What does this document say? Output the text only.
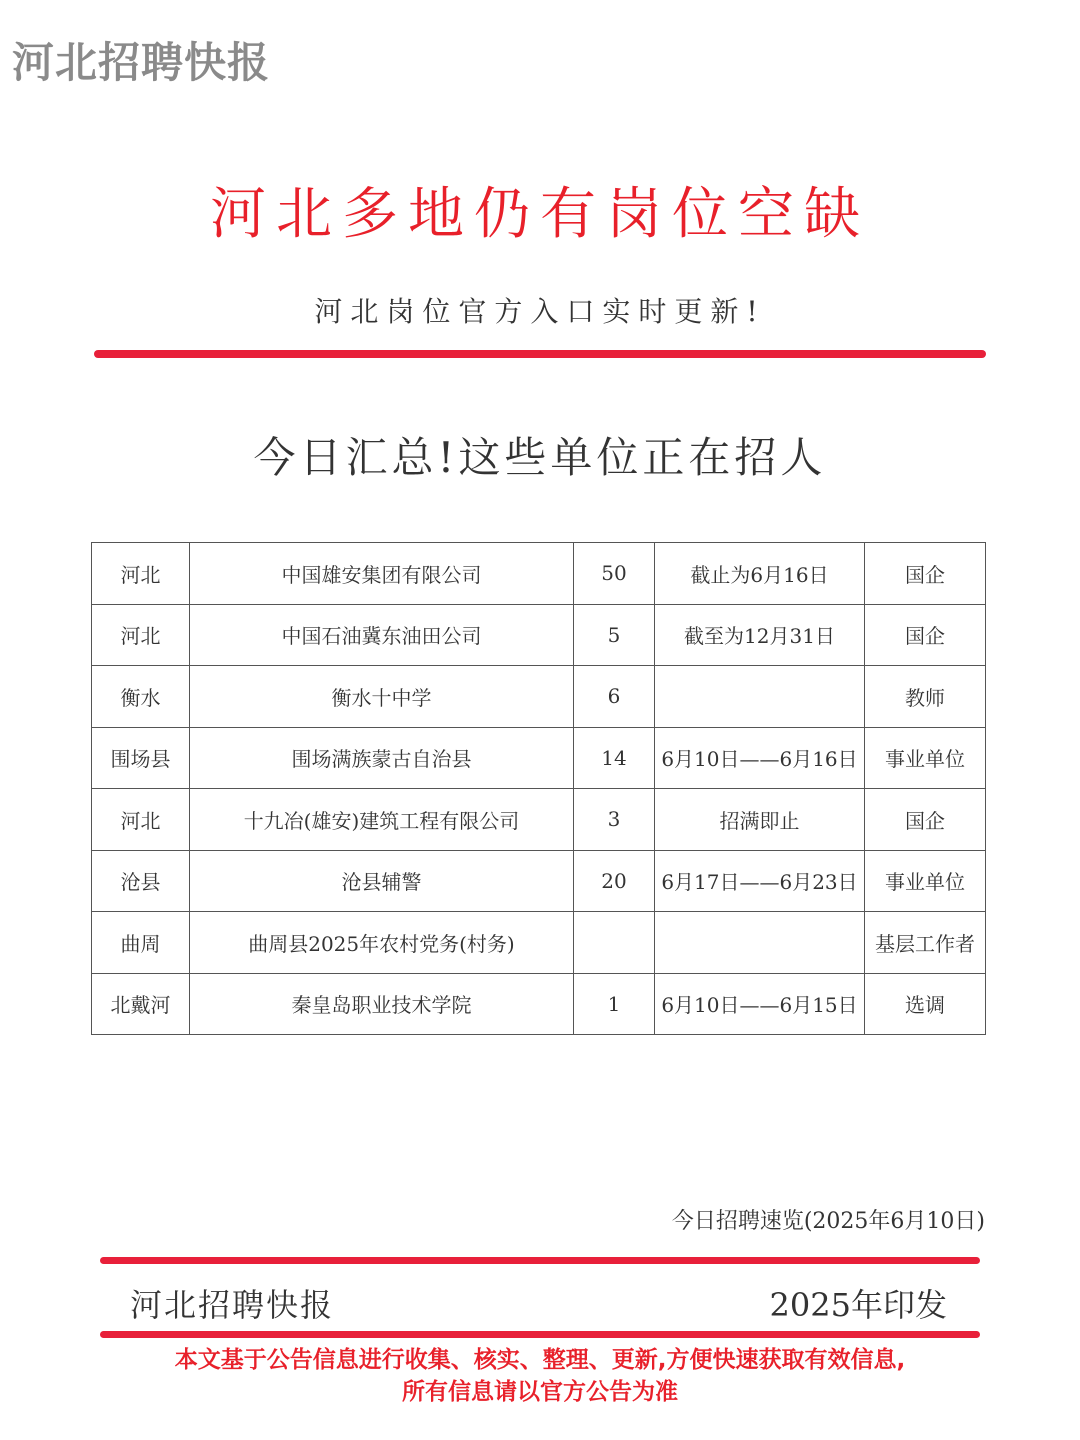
河北招聘快报
河北多地仍有岗位空缺
河北岗位官方入口实时更新!
今日汇总!这些单位正在招人
河北	中国雄安集团有限公司	50	截止为6月16日	国企
河北	中国石油冀东油田公司	5	截至为12月31日	国企
衡水	衡水十中学	6		教师
围场县	围场满族蒙古自治县	14	6月10日——6月16日	事业单位
河北	十九冶(雄安)建筑工程有限公司	3	招满即止	国企
沧县	沧县辅警	20	6月17日——6月23日	事业单位
曲周	曲周县2025年农村党务(村务)			基层工作者
北戴河	秦皇岛职业技术学院	1	6月10日——6月15日	选调
今日招聘速览(2025年6月10日)
河北招聘快报	2025年印发
本文基于公告信息进行收集、核实、整理、更新,方便快速获取有效信息,
所有信息请以官方公告为准
